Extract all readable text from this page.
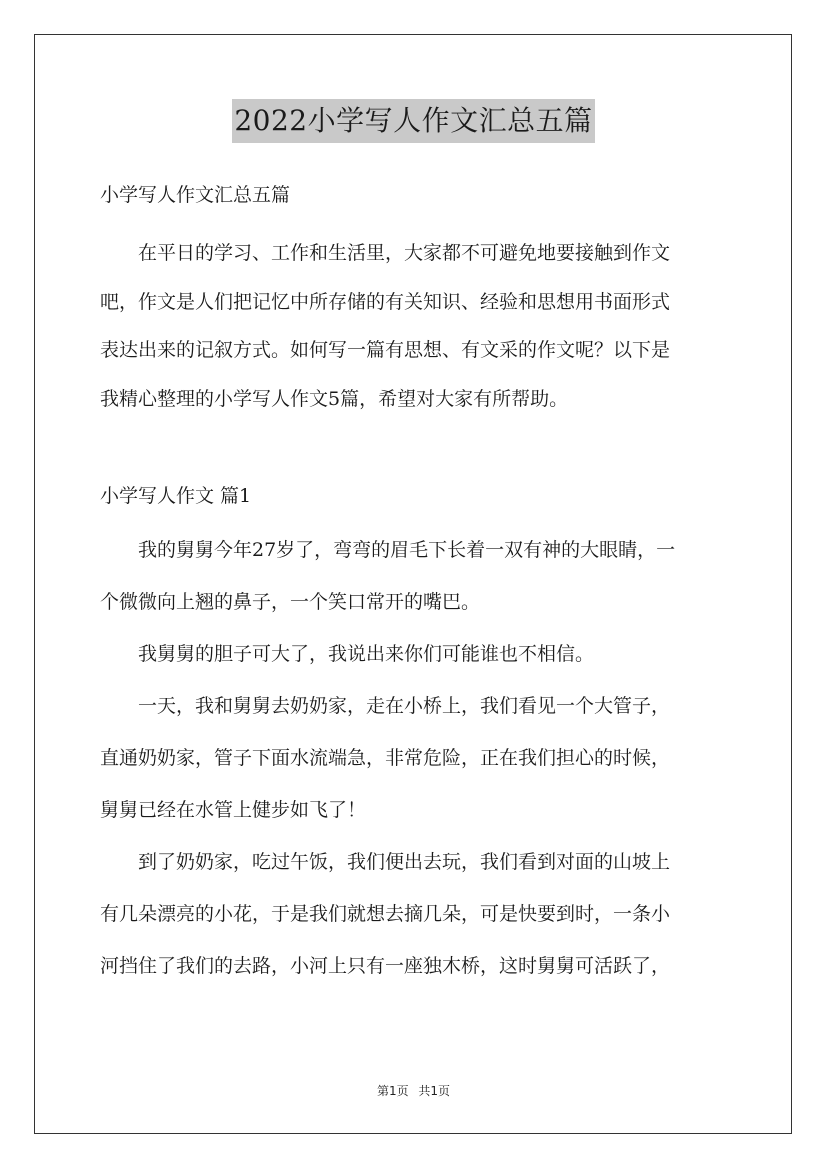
2022小学写人作文汇总五篇

小学写人作文汇总五篇

在平日的学习、工作和生活里，大家都不可避免地要接触到作文
吧，作文是人们把记忆中所存储的有关知识、经验和思想用书面形式
表达出来的记叙方式。如何写一篇有思想、有文采的作文呢？以下是
我精心整理的小学写人作文5篇，希望对大家有所帮助。

小学写人作文 篇1

我的舅舅今年27岁了，弯弯的眉毛下长着一双有神的大眼睛，一
个微微向上翘的鼻子，一个笑口常开的嘴巴。

我舅舅的胆子可大了，我说出来你们可能谁也不相信。

一天，我和舅舅去奶奶家，走在小桥上，我们看见一个大管子，
直通奶奶家，管子下面水流端急，非常危险，正在我们担心的时候，
舅舅已经在水管上健步如飞了！

到了奶奶家，吃过午饭，我们便出去玩，我们看到对面的山坡上
有几朵漂亮的小花，于是我们就想去摘几朵，可是快要到时，一条小
河挡住了我们的去路，小河上只有一座独木桥，这时舅舅可活跃了，

第1页 共1页
